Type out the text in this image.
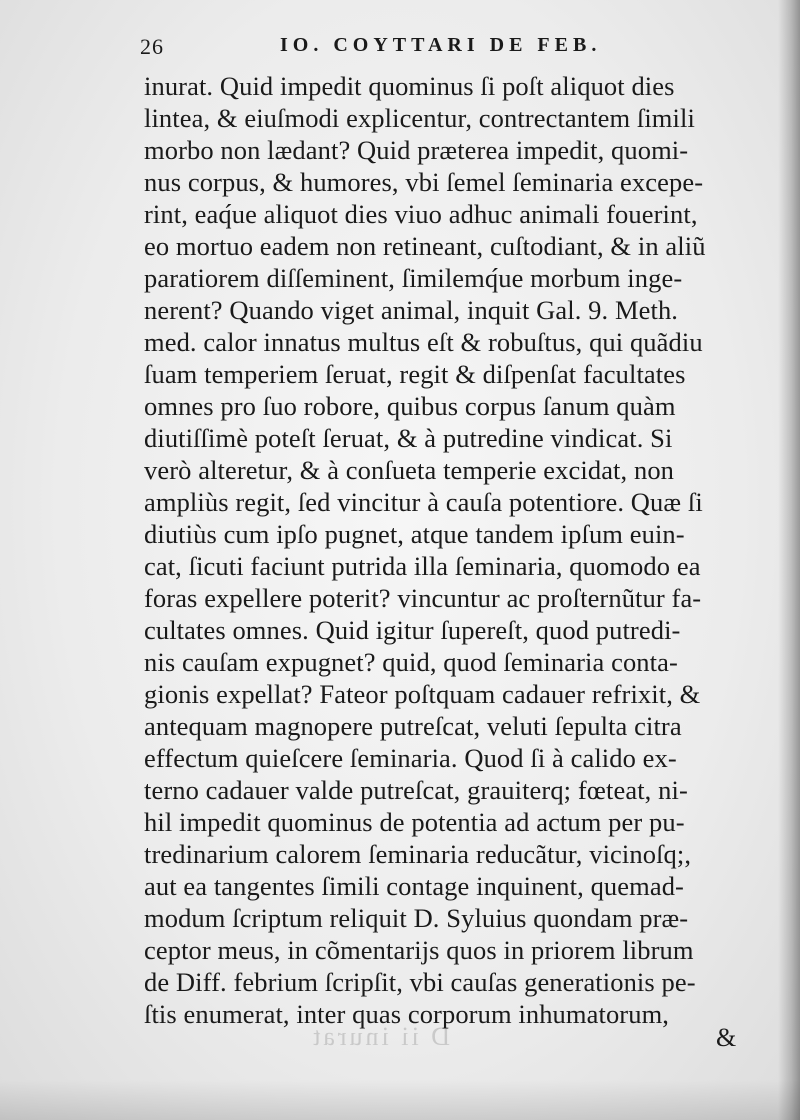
26	IO. COYTTARI DE FEB.
inurat. Quid impedit quominus ſi poſt aliquot dies
lintea, & eiuſmodi explicentur, contrectantem ſimili
morbo non lædant? Quid præterea impedit, quomi-
nus corpus, & humores, vbi ſemel ſeminaria excepe-
rint, eaq́ue aliquot dies viuo adhuc animali fouerint,
eo mortuo eadem non retineant, cuſtodiant, & in aliũ
paratiorem diſſeminent, ſimilemq́ue morbum inge-
nerent? Quando viget animal, inquit Gal. 9. Meth.
med. calor innatus multus eſt & robuſtus, qui quãdiu
ſuam temperiem ſeruat, regit & diſpenſat facultates
omnes pro ſuo robore, quibus corpus ſanum quàm
diutiſſimè poteſt ſeruat, & à putredine vindicat. Si
verò alteretur, & à conſueta temperie excidat, non
ampliùs regit, ſed vincitur à cauſa potentiore. Quæ ſi
diutiùs cum ipſo pugnet, atque tandem ipſum euin-
cat, ſicuti faciunt putrida illa ſeminaria, quomodo ea
foras expellere poterit? vincuntur ac proſternũtur fa-
cultates omnes. Quid igitur ſupereſt, quod putredi-
nis cauſam expugnet? quid, quod ſeminaria conta-
gionis expellat? Fateor poſtquam cadauer refrixit, &
antequam magnopere putreſcat, veluti ſepulta citra
effectum quieſcere ſeminaria. Quod ſi à calido ex-
terno cadauer valde putreſcat, grauiterq; fœteat, ni-
hil impedit quominus de potentia ad actum per pu-
tredinarium calorem ſeminaria reducãtur, vicinoſq;,
aut ea tangentes ſimili contage inquinent, quemad-
modum ſcriptum reliquit D. Syluius quondam præ-
ceptor meus, in cõmentarijs quos in priorem librum
de Diff. febrium ſcripſit, vbi cauſas generationis pe-
ſtis enumerat, inter quas corporum inhumatorum,
D ii inurat	&
